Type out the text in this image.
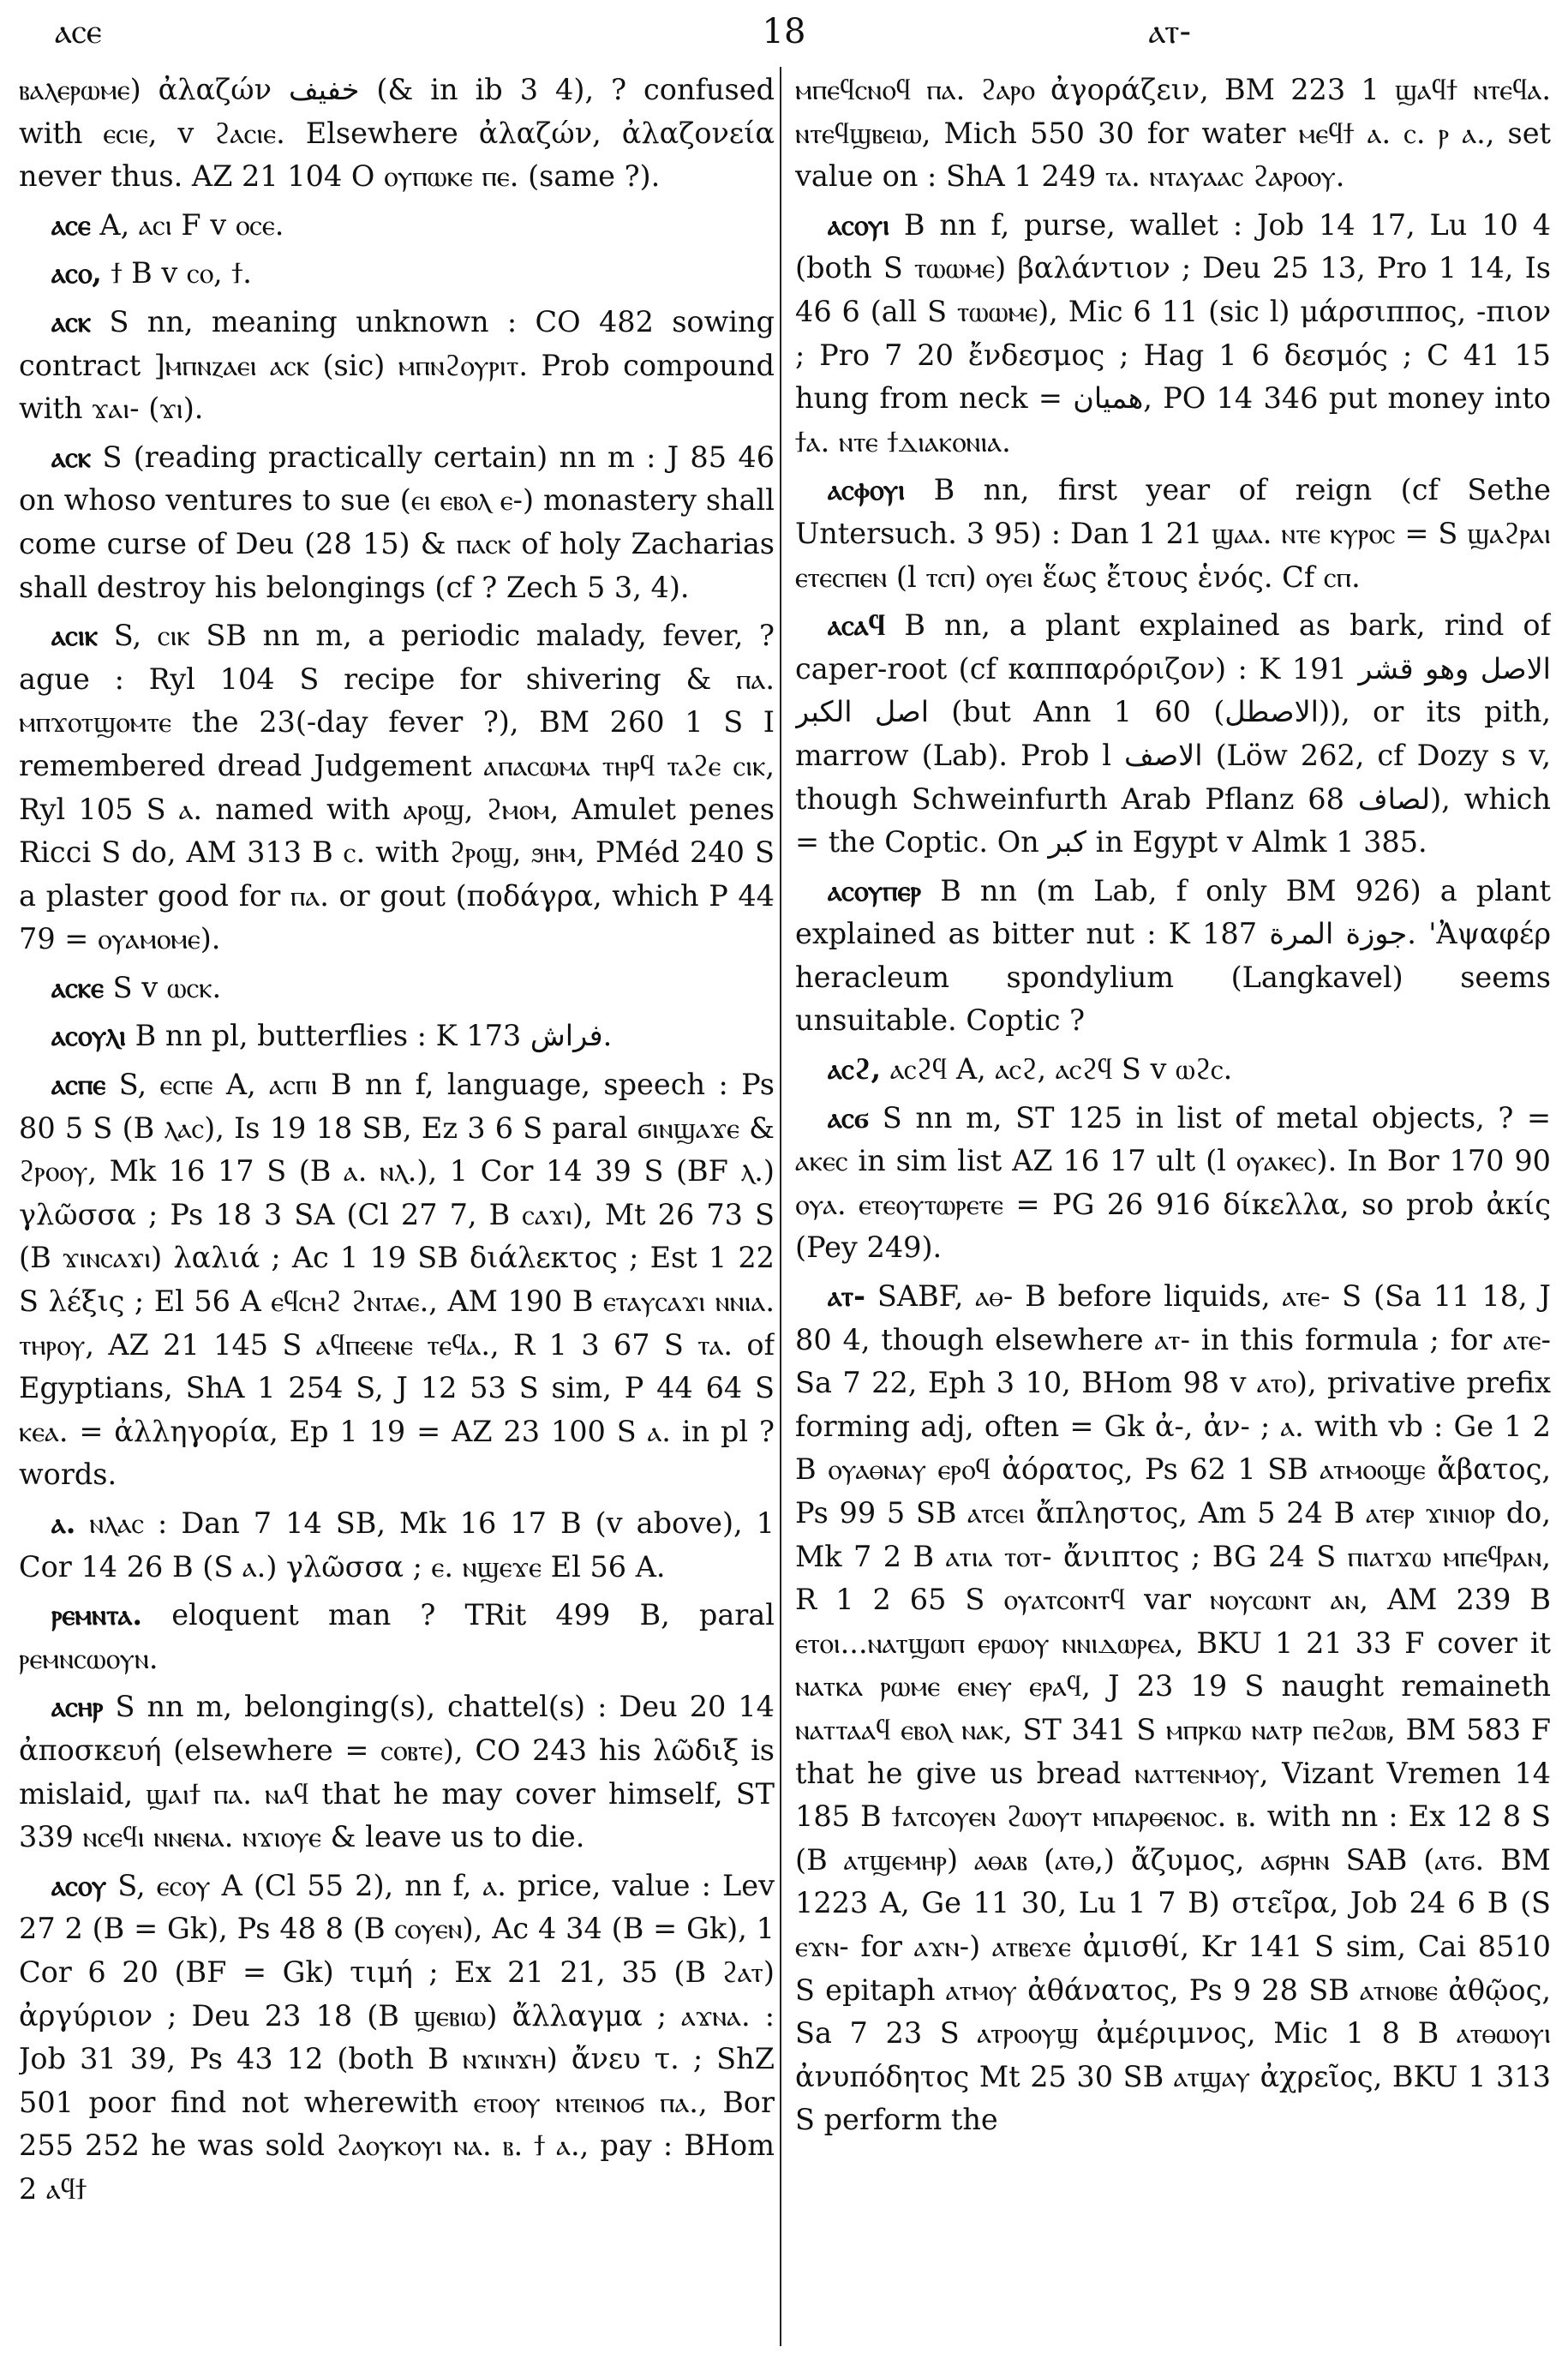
ⲁⲥⲉ	18	ⲁⲧ-

ⲃⲁⲗⲉⲣⲱⲙⲉ) ἀλαζών خفيف (& in ib 3 4), ? confused with ⲉⲥⲓⲉ, v ϩⲁⲥⲓⲉ. Elsewhere ἀλαζών, ἀλαζονεία never thus. AZ 21 104 O ⲟⲩⲡⲱⲕⲉ ⲡⲉ. (same ?).

ⲁⲥⲉ A, ⲁⲥⲓ F v ⲟⲥⲉ.

ⲁⲥⲟ, ϯ B v ⲥⲟ, ϯ.

ⲁⲥⲕ S nn, meaning unknown : CO 482 sowing contract ]ⲙⲡⲛⲍⲁⲉⲓ ⲁⲥⲕ (sic) ⲙⲡⲛϩⲟⲩⲣⲓⲧ. Prob compound with ϫⲁⲓ- (ϫⲓ).

ⲁⲥⲕ S (reading practically certain) nn m : J 85 46 on whoso ventures to sue (ⲉⲓ ⲉⲃⲟⲗ ⲉ-) monastery shall come curse of Deu (28 15) & ⲡⲁⲥⲕ of holy Zacharias shall destroy his belongings (cf ? Zech 5 3, 4).

ⲁⲥⲓⲕ S, ⲥⲓⲕ SB nn m, a periodic malady, fever, ? ague : Ryl 104 S recipe for shivering & ⲡⲁ. ⲙⲡϫⲟⲧϣⲟⲙⲧⲉ the 23(-day fever ?), BM 260 1 S I remembered dread Judgement ⲁⲡⲁⲥⲱⲙⲁ ⲧⲏⲣϥ ⲧⲁϩⲉ ⲥⲓⲕ, Ryl 105 S ⲁ. named with ⲁⲣⲟϣ, ϩⲙⲟⲙ, Amulet penes Ricci S do, AM 313 B ⲥ. with ϩⲣⲟϣ, ϧⲏⲙ, PMéd 240 S a plaster good for ⲡⲁ. or gout (ποδάγρα, which P 44 79 = ⲟⲩⲁⲙⲟⲙⲉ).

ⲁⲥⲕⲉ S v ⲱⲥⲕ.

ⲁⲥⲟⲩⲗⲓ B nn pl, butterflies : K 173 فراش.

ⲁⲥⲡⲉ S, ⲉⲥⲡⲉ A, ⲁⲥⲡⲓ B nn f, language, speech : Ps 80 5 S (B ⲗⲁⲥ), Is 19 18 SB, Ez 3 6 S paral ϭⲓⲛϣⲁϫⲉ & ϩⲣⲟⲟⲩ, Mk 16 17 S (B ⲁ. ⲛⲗ.), 1 Cor 14 39 S (BF ⲗ.) γλῶσσα ; Ps 18 3 SA (Cl 27 7, B ⲥⲁϫⲓ), Mt 26 73 S (B ϫⲓⲛⲥⲁϫⲓ) λαλιά ; Ac 1 19 SB διάλεκτος ; Est 1 22 S λέξις ; El 56 A ⲉϥⲥⲏϩ ϩⲛⲧⲁⲉ., AM 190 B ⲉⲧⲁⲩⲥⲁϫⲓ ⲛⲛⲓⲁ. ⲧⲏⲣⲟⲩ, AZ 21 145 S ⲁϥⲡⲉⲉⲛⲉ ⲧⲉϥⲁ., R 1 3 67 S ⲧⲁ. of Egyptians, ShA 1 254 S, J 12 53 S sim, P 44 64 S ⲕⲉⲁ. = ἀλληγορία, Ep 1 19 = AZ 23 100 S ⲁ. in pl ? words.

ⲁ. ⲛⲗⲁⲥ : Dan 7 14 SB, Mk 16 17 B (v above), 1 Cor 14 26 B (S ⲁ.) γλῶσσα ; ⲉ. ⲛϣⲉϫⲉ El 56 A.

ⲣⲉⲙⲛⲧⲁ. eloquent man ? TRit 499 B, paral ⲣⲉⲙⲛⲥⲱⲟⲩⲛ.

ⲁⲥⲏⲣ S nn m, belonging(s), chattel(s) : Deu 20 14 ἀποσκευή (elsewhere = ⲥⲟⲃⲧⲉ), CO 243 his λῶδιξ is mislaid, ϣⲁⲓϯ ⲡⲁ. ⲛⲁϥ that he may cover himself, ST 339 ⲛⲥⲉϥⲓ ⲛⲛⲉⲛⲁ. ⲛϫⲓⲟⲩⲉ & leave us to die.

ⲁⲥⲟⲩ S, ⲉⲥⲟⲩ A (Cl 55 2), nn f, ⲁ. price, value : Lev 27 2 (B = Gk), Ps 48 8 (B ⲥⲟⲩⲉⲛ), Ac 4 34 (B = Gk), 1 Cor 6 20 (BF = Gk) τιμή ; Ex 21 21, 35 (B ϩⲁⲧ) ἀργύριον ; Deu 23 18 (B ϣⲉⲃⲓⲱ) ἄλλαγμα ; ⲁϫⲛⲁ. : Job 31 39, Ps 43 12 (both B ⲛϫⲓⲛϫⲏ) ἄνευ τ. ; ShZ 501 poor find not wherewith ⲉⲧⲟⲟⲩ ⲛⲧⲉⲓⲛⲟϭ ⲡⲁ., Bor 255 252 he was sold ϩⲁⲟⲩⲕⲟⲩⲓ ⲛⲁ. ⲃ. ϯ ⲁ., pay : BHom 2 ⲁϥϯ

ⲙⲡⲉϥⲥⲛⲟϥ ⲡⲁ. ϩⲁⲣⲟ ἀγοράζειν, BM 223 1 ϣⲁϥϯ ⲛⲧⲉϥⲁ. ⲛⲧⲉϥϣⲃⲉⲓⲱ, Mich 550 30 for water ⲙⲉϥϯ ⲁ. ⲥ. ⲣ ⲁ., set value on : ShA 1 249 ⲧⲁ. ⲛⲧⲁⲩⲁⲁⲥ ϩⲁⲣⲟⲟⲩ.

ⲁⲥⲟⲩⲓ B nn f, purse, wallet : Job 14 17, Lu 10 4 (both S ⲧⲱⲱⲙⲉ) βαλάντιον ; Deu 25 13, Pro 1 14, Is 46 6 (all S ⲧⲱⲱⲙⲉ), Mic 6 11 (sic l) μάρσιππος, -πιον ; Pro 7 20 ἔνδεσμος ; Hag 1 6 δεσμός ; C 41 15 hung from neck = هميان, PO 14 346 put money into ϯⲁ. ⲛⲧⲉ ϯⲇⲓⲁⲕⲟⲛⲓⲁ.

ⲁⲥⲫⲟⲩⲓ B nn, first year of reign (cf Sethe Untersuch. 3 95) : Dan 1 21 ϣⲁⲁ. ⲛⲧⲉ ⲕⲩⲣⲟⲥ = S ϣⲁϩⲣⲁⲓ ⲉⲧⲉⲥⲡⲉⲛ (l ⲧⲥⲡ) ⲟⲩⲉⲓ ἕως ἔτους ἑνός. Cf ⲥⲡ.

ⲁⲥⲁϥ B nn, a plant explained as bark, rind of caper-root (cf καππαρόριζον) : K 191 الاصل وهو قشر اصل الكبر (but Ann 1 60 (الاصطل)), or its pith, marrow (Lab). Prob l الاصف (Löw 262, cf Dozy s v, though Schweinfurth Arab Pflanz 68 لصاف), which = the Coptic. On كبر in Egypt v Almk 1 385.

ⲁⲥⲟⲩⲡⲉⲣ B nn (m Lab, f only BM 926) a plant explained as bitter nut : K 187 جوزة المرة. 'Ἀψαφέρ heracleum spondylium (Langkavel) seems unsuitable. Coptic ?

ⲁⲥϩ, ⲁⲥϩϥ A, ⲁⲥϩ, ⲁⲥϩϥ S v ⲱϩⲥ.

ⲁⲥϭ S nn m, ST 125 in list of metal objects, ? = ⲁⲕⲉⲥ in sim list AZ 16 17 ult (l ⲟⲩⲁⲕⲉⲥ). In Bor 170 90 ⲟⲩⲁ. ⲉⲧⲉⲟⲩⲧⲱⲣⲉⲧⲉ = PG 26 916 δίκελλα, so prob ἀκίς (Pey 249).

ⲁⲧ- SABF, ⲁⲑ- B before liquids, ⲁⲧⲉ- S (Sa 11 18, J 80 4, though elsewhere ⲁⲧ- in this formula ; for ⲁⲧⲉ- Sa 7 22, Eph 3 10, BHom 98 v ⲁⲧⲟ), privative prefix forming adj, often = Gk ἀ-, ἀν- ; ⲁ. with vb : Ge 1 2 B ⲟⲩⲁⲑⲛⲁⲩ ⲉⲣⲟϥ ἀόρατος, Ps 62 1 SB ⲁⲧⲙⲟⲟϣⲉ ἄβατος, Ps 99 5 SB ⲁⲧⲥⲉⲓ ἄπληστος, Am 5 24 B ⲁⲧⲉⲣ ϫⲓⲛⲓⲟⲣ do, Mk 7 2 B ⲁⲧⲓⲁ ⲧⲟⲧ- ἄνιπτος ; BG 24 S ⲡⲓⲁⲧϫⲱ ⲙⲡⲉϥⲣⲁⲛ, R 1 2 65 S ⲟⲩⲁⲧⲥⲟⲛⲧϥ var ⲛⲟⲩⲥⲱⲛⲧ ⲁⲛ, AM 239 B ⲉⲧⲟⲓ...ⲛⲁⲧϣⲱⲡ ⲉⲣⲱⲟⲩ ⲛⲛⲓⲇⲱⲣⲉⲁ, BKU 1 21 33 F cover it ⲛⲁⲧⲕⲁ ⲣⲱⲙⲉ ⲉⲛⲉⲩ ⲉⲣⲁϥ, J 23 19 S naught remaineth ⲛⲁⲧⲧⲁⲁϥ ⲉⲃⲟⲗ ⲛⲁⲕ, ST 341 S ⲙⲡⲣⲕⲱ ⲛⲁⲧⲣ ⲡⲉϩⲱⲃ, BM 583 F that he give us bread ⲛⲁⲧⲧⲉⲛⲙⲟⲩ, Vizant Vremen 14 185 B ϯⲁⲧⲥⲟⲩⲉⲛ ϩⲱⲟⲩⲧ ⲙⲡⲁⲣⲑⲉⲛⲟⲥ. ⲃ. with nn : Ex 12 8 S (B ⲁⲧϣⲉⲙⲏⲣ) ⲁⲑⲁⲃ (ⲁⲧⲑ,) ἄζυμος, ⲁϭⲣⲏⲛ SAB (ⲁⲧϭ. BM 1223 A, Ge 11 30, Lu 1 7 B) στεῖρα, Job 24 6 B (S ⲉϫⲛ- for ⲁϫⲛ-) ⲁⲧⲃⲉϫⲉ ἀμισθί, Kr 141 S sim, Cai 8510 S epitaph ⲁⲧⲙⲟⲩ ἀθάνατος, Ps 9 28 SB ⲁⲧⲛⲟⲃⲉ ἀθῷος, Sa 7 23 S ⲁⲧⲣⲟⲟⲩϣ ἀμέριμνος, Mic 1 8 B ⲁⲧⲑⲱⲟⲩⲓ ἀνυπόδητος Mt 25 30 SB ⲁⲧϣⲁⲩ ἀχρεῖος, BKU 1 313 S perform the
